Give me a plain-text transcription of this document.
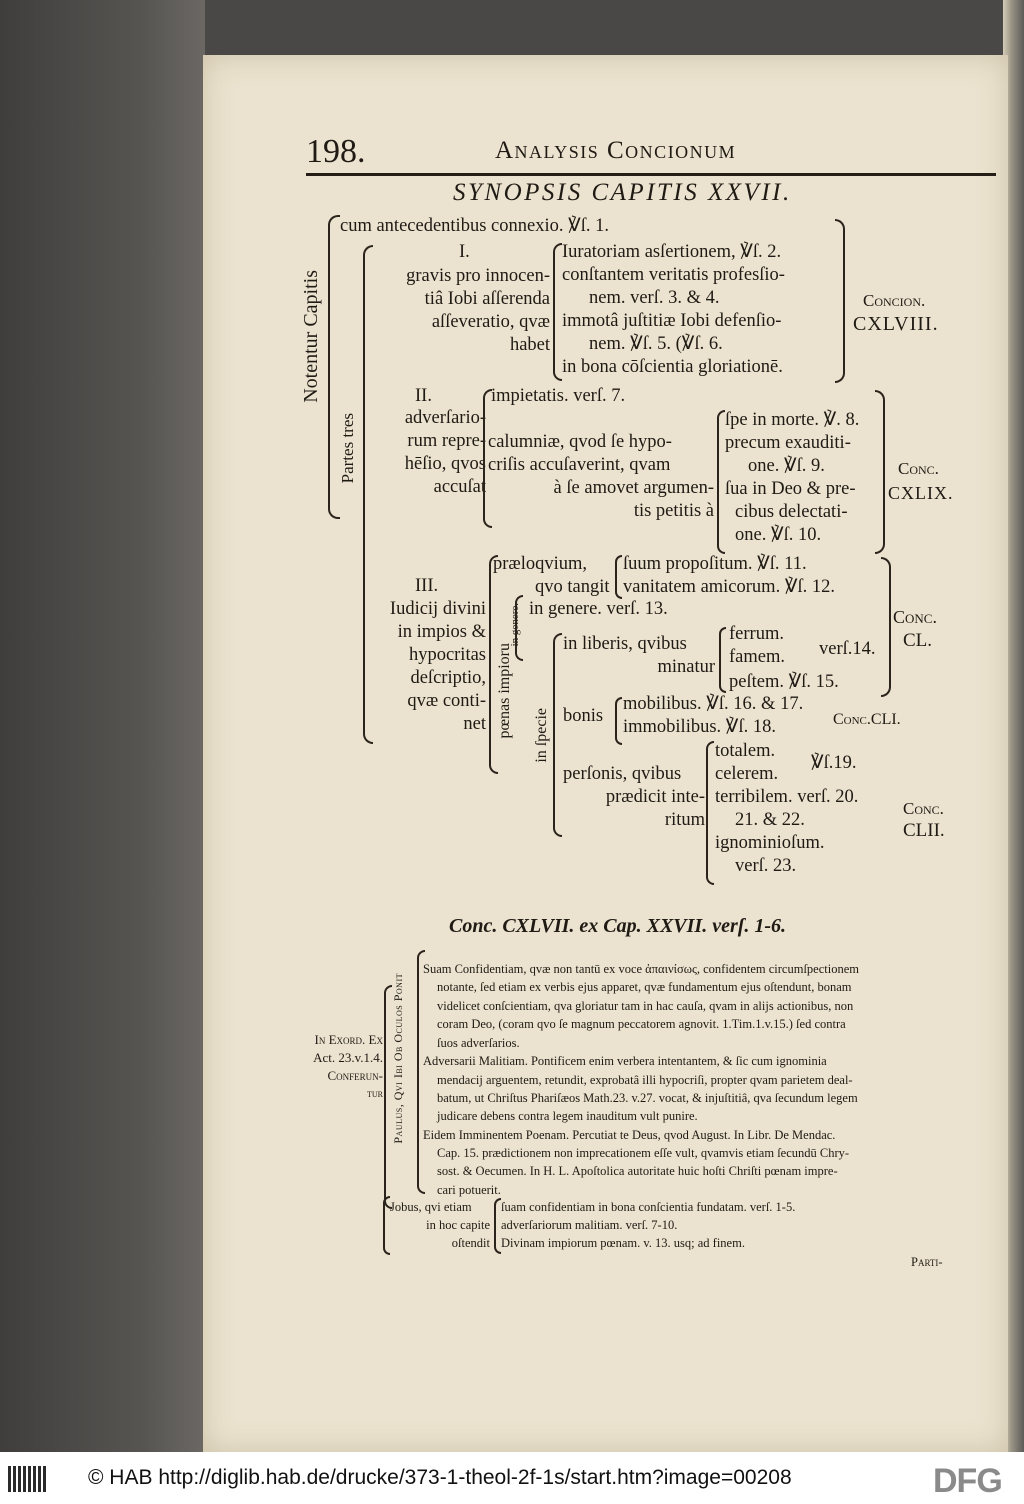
198.	Analysis Concionum
SYNOPSIS CAPITIS XXVII.
Notentur Capitis
cum antecedentibus connexio. ℣ſ. 1.
Partes tres
I.
gravis pro innocen-
tiâ Iobi aſſerenda
aſſeveratio, qvæ
habet
Iuratoriam asſertionem, ℣ſ. 2.
conſtantem veritatis profesſio-
nem. verſ. 3. & 4.
immotâ juſtitiæ Iobi defenſio-
nem. ℣ſ. 5. (℣ſ. 6.
in bona cōſcientia gloriationē.
Concion.
CXLVIII.
II.
adverſario-
rum repre-
hēſio, qvos
accuſat
impietatis. verſ. 7.
calumniæ, qvod ſe hypo-
criſis accuſaverint, qvam
à ſe amovet argumen-
tis petitis à
ſpe in morte. ℣. 8.
precum exauditi-
one. ℣ſ. 9.
ſua in Deo & pre-
cibus delectati-
one. ℣ſ. 10.
Conc.
CXLIX.
III.
Iudicij divini
in impios &
hypocritas
deſcriptio,
qvæ conti-
net pœnas impioru
in genere.
in ſpecie
præloqvium,
qvo tangit
ſuum propoſitum. ℣ſ. 11.
vanitatem amicorum. ℣ſ. 12.
in genere. verſ. 13.
in liberis, qvibus
minatur
ferrum.
famem.
peſtem. ℣ſ. 15.
verſ.14.
bonis
mobilibus. ℣ſ. 16. & 17.
immobilibus. ℣ſ. 18.
perſonis, qvibus
prædicit inte-
ritum
totalem.
celerem.
terribilem. verſ. 20.
21. & 22.
ignominioſum.
verſ. 23.
℣ſ.19.
Conc.
CL.
Conc.CLI.
Conc.
CLII.
Conc. CXLVII. ex Cap. XXVII. verſ. 1-6.
In Exord. Ex
Act. 23.v.1.4.
Conferun-
tur Paulus, Qvi Ibi Ob Oculos Ponit
Suam Confidentiam, qvæ non tantū ex voce ἀπαινίσως, confidentem circumſpectionem
notante, ſed etiam ex verbis ejus apparet, qvæ fundamentum ejus oſtendunt, bonam
videlicet conſcientiam, qva gloriatur tam in hac cauſa, qvam in alijs actionibus, non
coram Deo, (coram qvo ſe magnum peccatorem agnovit. 1.Tim.1.v.15.) ſed contra
ſuos adverſarios.
Adversarii Malitiam. Pontificem enim verbera intentantem, & ſic cum ignominia
mendacij arguentem, retundit, exprobatâ illi hypocriſi, propter qvam parietem deal-
batum, ut Chriſtus Phariſæos Math.23. v.27. vocat, & injuſtitiâ, qva ſecundum legem
judicare debens contra legem inauditum vult punire.
Eidem Imminentem Poenam. Percutiat te Deus, qvod August. In Libr. De Mendac.
Cap. 15. prædictionem non imprecationem eſſe vult, qvamvis etiam ſecundū Chry-
sost. & Oecumen. In H. L. Apoſtolica autoritate huic hoſti Chriſti pœnam impre-
cari potuerit.
Jobus, qvi etiam
in hoc capite
oſtendit
ſuam confidentiam in bona conſcientia fundatam. verſ. 1-5.
adverſariorum malitiam. verſ. 7-10.
Divinam impiorum pœnam. v. 13. usq; ad finem.
Parti-
© HAB http://diglib.hab.de/drucke/373-1-theol-2f-1s/start.htm?image=00208	DFG
